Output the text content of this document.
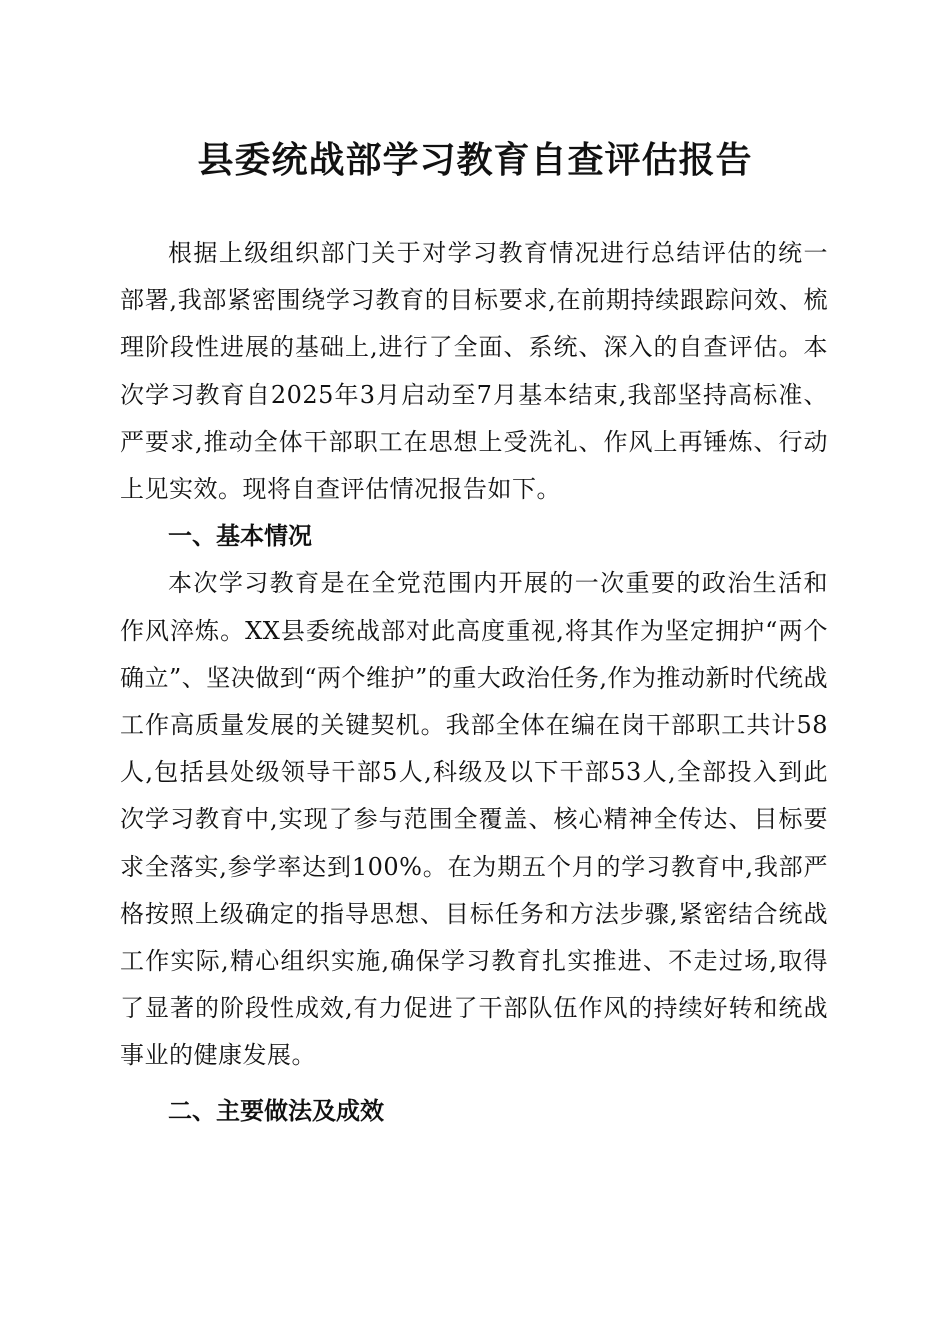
县委统战部学习教育自查评估报告

根据上级组织部门关于对学习教育情况进行总结评估的统一部署,我部紧密围绕学习教育的目标要求,在前期持续跟踪问效、梳理阶段性进展的基础上,进行了全面、系统、深入的自查评估。本次学习教育自2025年3月启动至7月基本结束,我部坚持高标准、严要求,推动全体干部职工在思想上受洗礼、作风上再锤炼、行动上见实效。现将自查评估情况报告如下。

一、基本情况

本次学习教育是在全党范围内开展的一次重要的政治生活和作风淬炼。XX县委统战部对此高度重视,将其作为坚定拥护“两个确立”、坚决做到“两个维护”的重大政治任务,作为推动新时代统战工作高质量发展的关键契机。我部全体在编在岗干部职工共计58人,包括县处级领导干部5人,科级及以下干部53人,全部投入到此次学习教育中,实现了参与范围全覆盖、核心精神全传达、目标要求全落实,参学率达到100%。在为期五个月的学习教育中,我部严格按照上级确定的指导思想、目标任务和方法步骤,紧密结合统战工作实际,精心组织实施,确保学习教育扎实推进、不走过场,取得了显著的阶段性成效,有力促进了干部队伍作风的持续好转和统战事业的健康发展。

二、主要做法及成效
